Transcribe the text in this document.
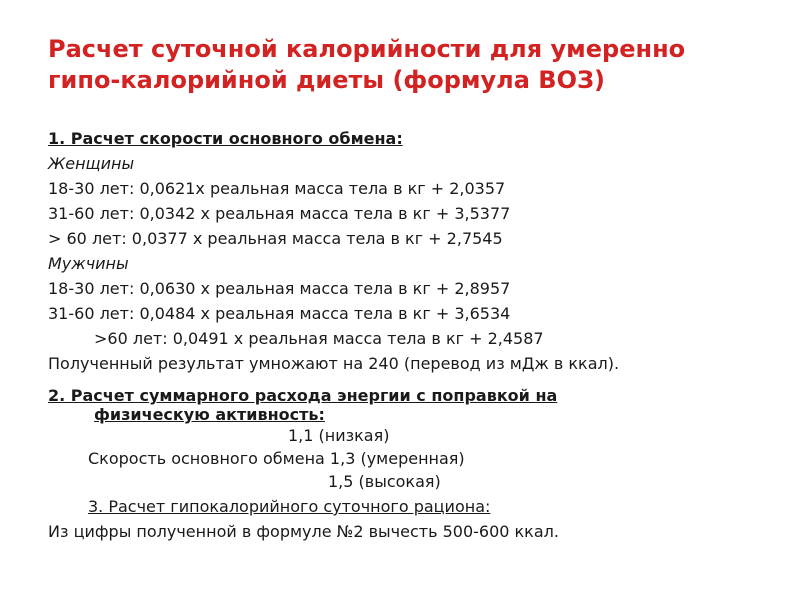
Расчет суточной калорийности для умеренно
гипо-калорийной диеты (формула ВОЗ)
1. Расчет скорости основного обмена:
Женщины
18-30 лет: 0,0621х реальная масса тела в кг + 2,0357
31-60 лет: 0,0342 х реальная масса тела в кг + 3,5377
> 60 лет: 0,0377 х реальная масса тела в кг + 2,7545
Мужчины
18-30 лет: 0,0630 х реальная масса тела в кг + 2,8957
31-60 лет: 0,0484 х реальная масса тела в кг + 3,6534
>60 лет: 0,0491 х реальная масса тела в кг + 2,4587
Полученный результат умножают на 240 (перевод из мДж в ккал).
2. Расчет суммарного расхода энергии с поправкой на
физическую активность:
1,1 (низкая)
Скорость основного обмена 1,3 (умеренная)
1,5 (высокая)
3. Расчет гипокалорийного суточного рациона:
Из цифры полученной в формуле №2 вычесть 500-600 ккал.
